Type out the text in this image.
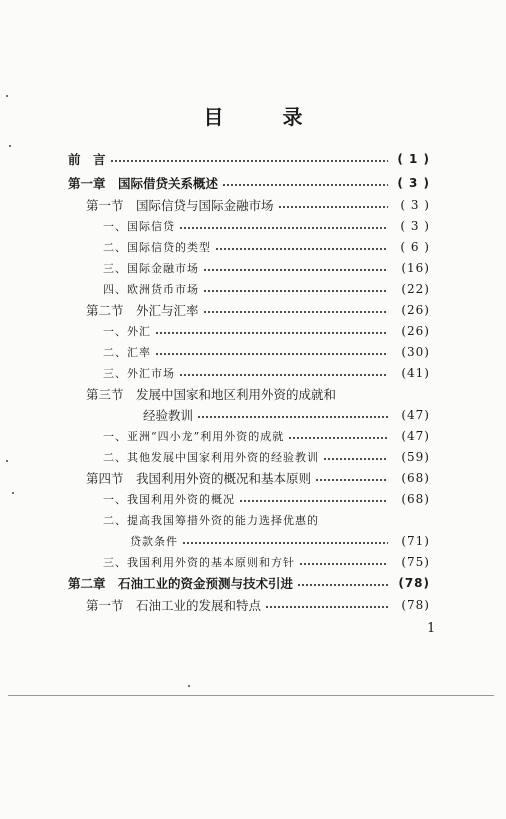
目 录
前　言	( 1 )
第一章　国际借贷关系概述	( 3 )
第一节　国际信贷与国际金融市场	( 3 )
一、国际信贷	( 3 )
二、国际信贷的类型	( 6 )
三、国际金融市场	(16)
四、欧洲货币市场	(22)
第二节　外汇与汇率	(26)
一、外汇	(26)
二、汇率	(30)
三、外汇市场	(41)
第三节　发展中国家和地区利用外资的成就和
经验教训	(47)
一、亚洲“四小龙”利用外资的成就	(47)
二、其他发展中国家利用外资的经验教训	(59)
第四节　我国利用外资的概况和基本原则	(68)
一、我国利用外资的概况	(68)
二、提高我国筹措外资的能力选择优惠的
贷款条件	(71)
三、我国利用外资的基本原则和方针	(75)
第二章　石油工业的资金预测与技术引进	(78)
第一节　石油工业的发展和特点	(78)
1
